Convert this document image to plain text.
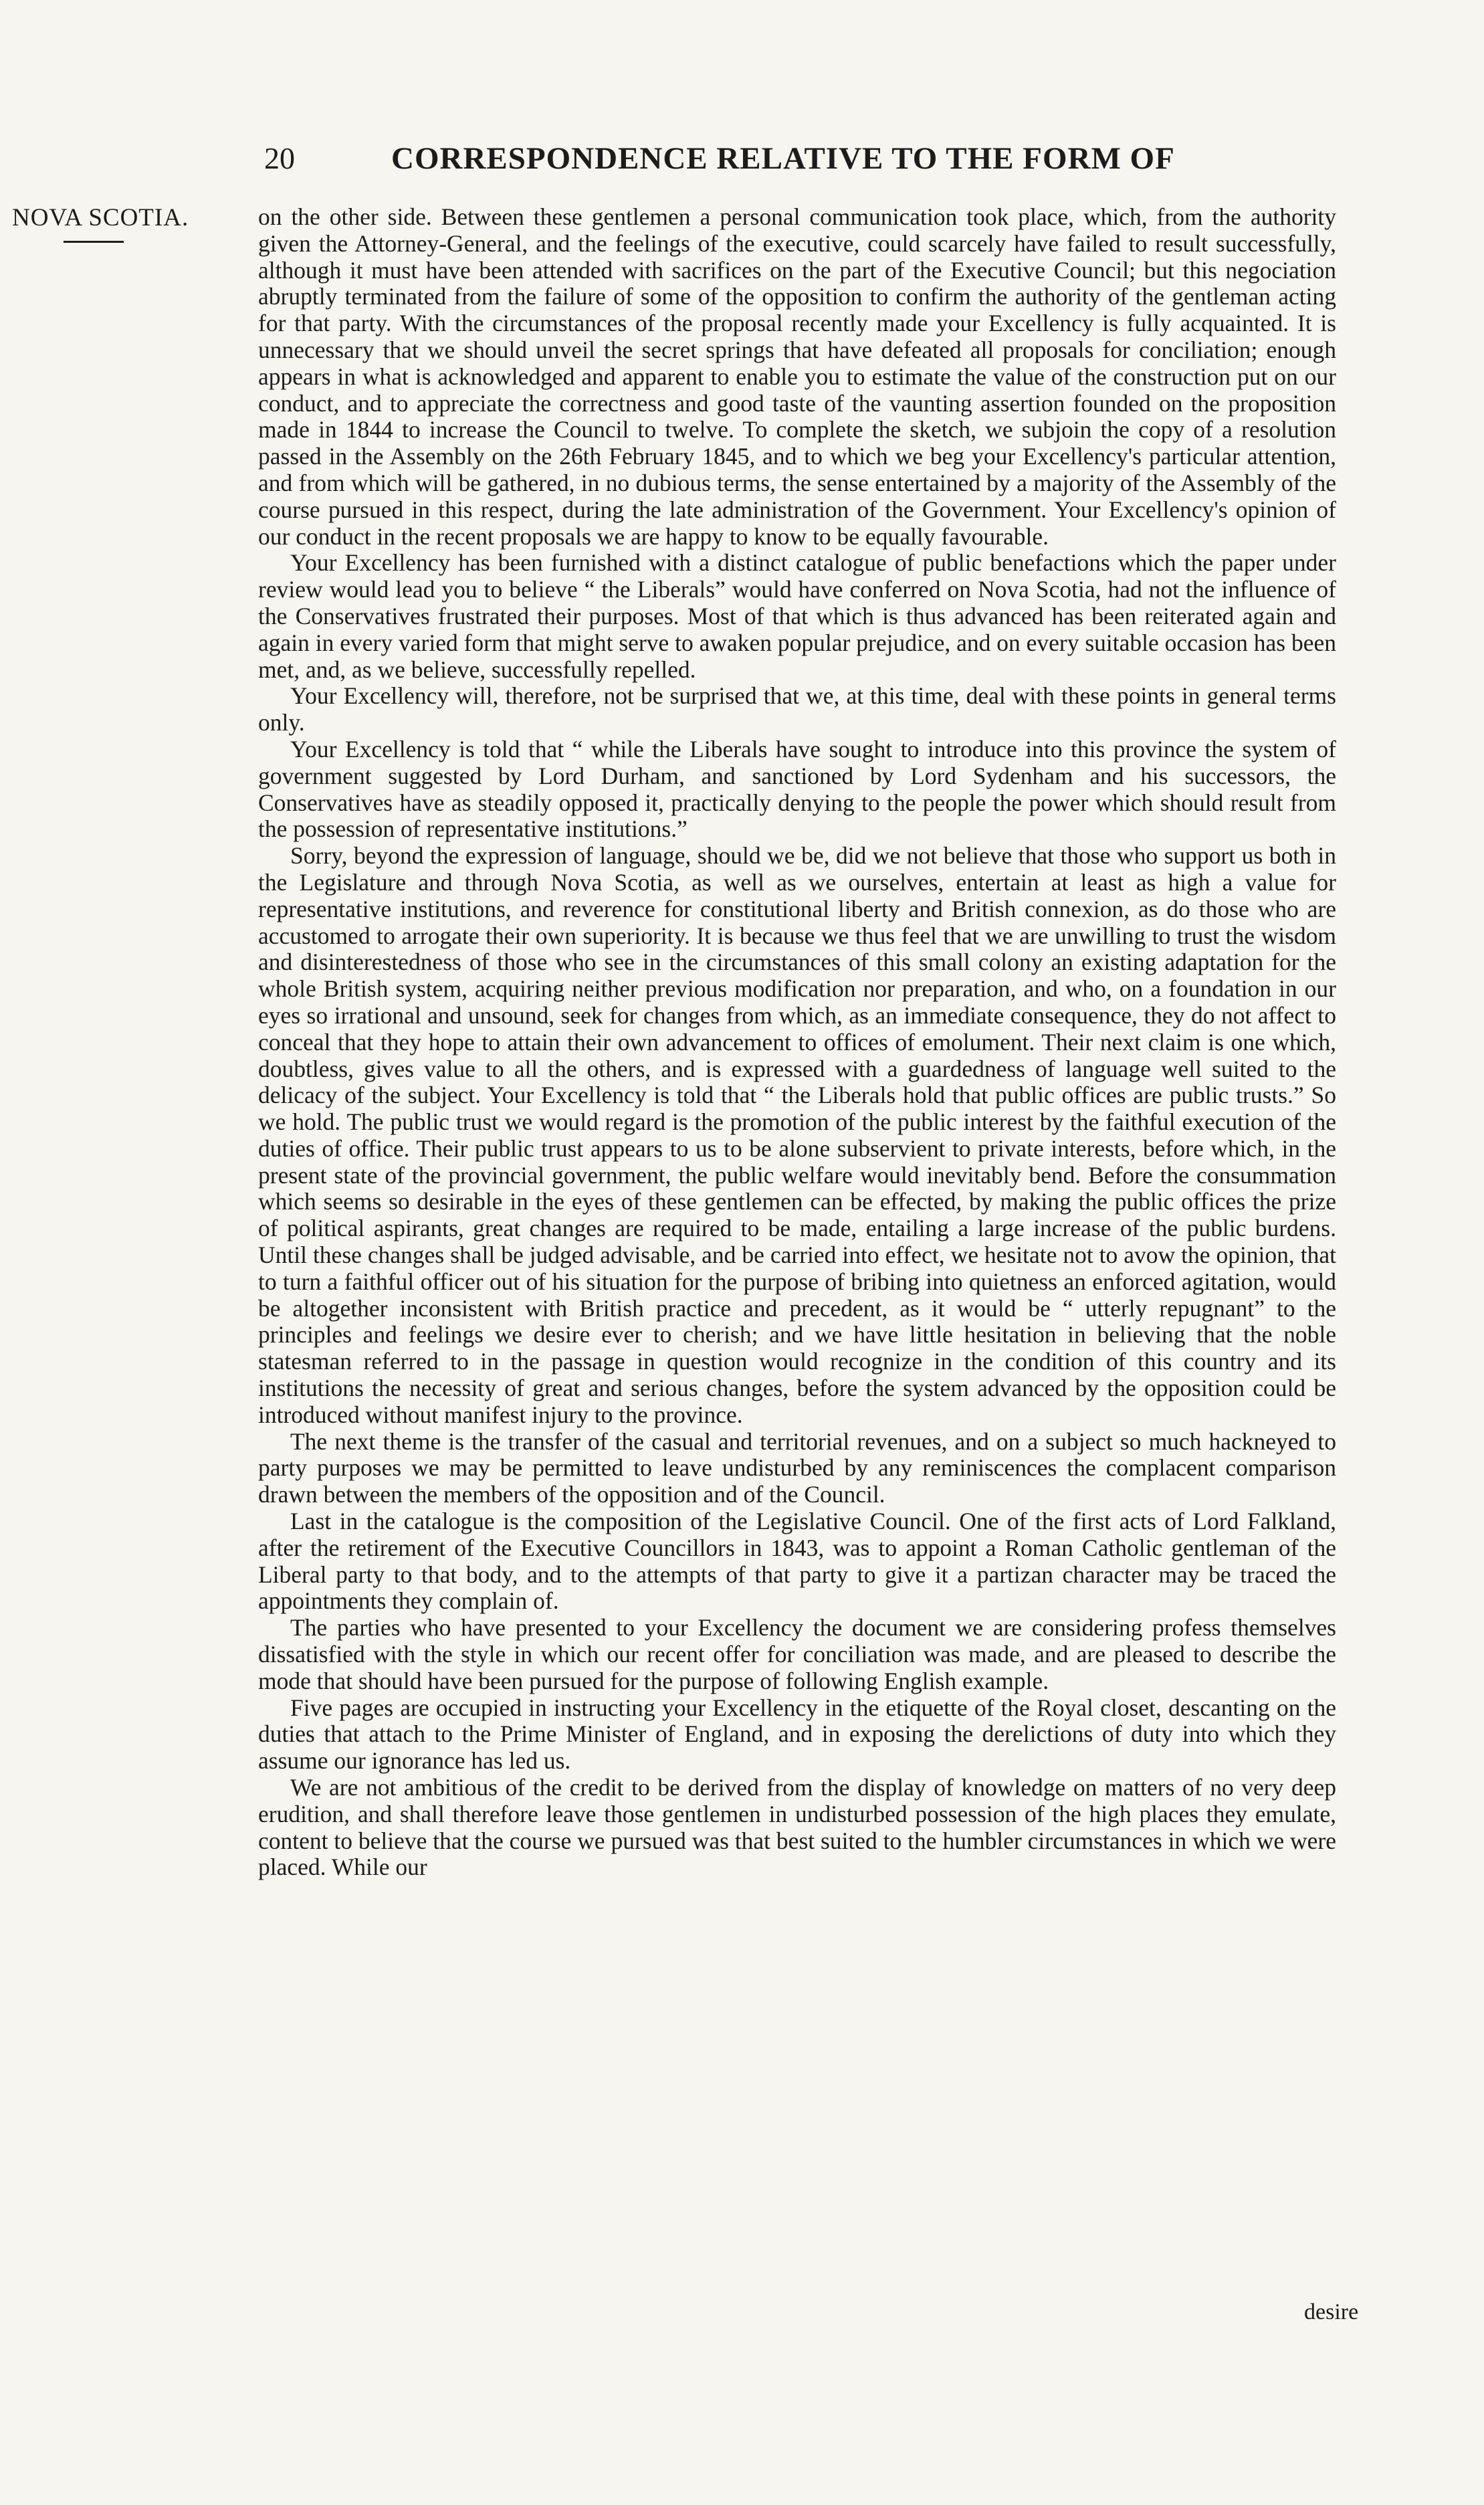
20	CORRESPONDENCE RELATIVE TO THE FORM OF
NOVA SCOTIA.	on the other side. Between these gentlemen a personal communication took place, which, from the authority given the Attorney-General, and the feelings of the executive, could scarcely have failed to result successfully, although it must have been attended with sacrifices on the part of the Executive Council; but this negociation abruptly terminated from the failure of some of the opposition to confirm the authority of the gentleman acting for that party. With the circumstances of the proposal recently made your Excellency is fully acquainted. It is unnecessary that we should unveil the secret springs that have defeated all proposals for conciliation; enough appears in what is acknowledged and apparent to enable you to estimate the value of the construction put on our conduct, and to appreciate the correctness and good taste of the vaunting assertion founded on the proposition made in 1844 to increase the Council to twelve. To complete the sketch, we subjoin the copy of a resolution passed in the Assembly on the 26th February 1845, and to which we beg your Excellency's particular attention, and from which will be gathered, in no dubious terms, the sense entertained by a majority of the Assembly of the course pursued in this respect, during the late administration of the Government. Your Excellency's opinion of our conduct in the recent proposals we are happy to know to be equally favourable.

Your Excellency has been furnished with a distinct catalogue of public benefactions which the paper under review would lead you to believe “ the Liberals” would have conferred on Nova Scotia, had not the influence of the Conservatives frustrated their purposes. Most of that which is thus advanced has been reiterated again and again in every varied form that might serve to awaken popular prejudice, and on every suitable occasion has been met, and, as we believe, successfully repelled.

Your Excellency will, therefore, not be surprised that we, at this time, deal with these points in general terms only.

Your Excellency is told that “ while the Liberals have sought to introduce into this province the system of government suggested by Lord Durham, and sanctioned by Lord Sydenham and his successors, the Conservatives have as steadily opposed it, practically denying to the people the power which should result from the possession of representative institutions.”

Sorry, beyond the expression of language, should we be, did we not believe that those who support us both in the Legislature and through Nova Scotia, as well as we ourselves, entertain at least as high a value for representative institutions, and reverence for constitutional liberty and British connexion, as do those who are accustomed to arrogate their own superiority. It is because we thus feel that we are unwilling to trust the wisdom and disinterestedness of those who see in the circumstances of this small colony an existing adaptation for the whole British system, acquiring neither previous modification nor preparation, and who, on a foundation in our eyes so irrational and unsound, seek for changes from which, as an immediate consequence, they do not affect to conceal that they hope to attain their own advancement to offices of emolument. Their next claim is one which, doubtless, gives value to all the others, and is expressed with a guardedness of language well suited to the delicacy of the subject. Your Excellency is told that “ the Liberals hold that public offices are public trusts.” So we hold. The public trust we would regard is the promotion of the public interest by the faithful execution of the duties of office. Their public trust appears to us to be alone subservient to private interests, before which, in the present state of the provincial government, the public welfare would inevitably bend. Before the consummation which seems so desirable in the eyes of these gentlemen can be effected, by making the public offices the prize of political aspirants, great changes are required to be made, entailing a large increase of the public burdens. Until these changes shall be judged advisable, and be carried into effect, we hesitate not to avow the opinion, that to turn a faithful officer out of his situation for the purpose of bribing into quietness an enforced agitation, would be altogether inconsistent with British practice and precedent, as it would be “ utterly repugnant” to the principles and feelings we desire ever to cherish; and we have little hesitation in believing that the noble statesman referred to in the passage in question would recognize in the condition of this country and its institutions the necessity of great and serious changes, before the system advanced by the opposition could be introduced without manifest injury to the province.

The next theme is the transfer of the casual and territorial revenues, and on a subject so much hackneyed to party purposes we may be permitted to leave undisturbed by any reminiscences the complacent comparison drawn between the members of the opposition and of the Council.

Last in the catalogue is the composition of the Legislative Council. One of the first acts of Lord Falkland, after the retirement of the Executive Councillors in 1843, was to appoint a Roman Catholic gentleman of the Liberal party to that body, and to the attempts of that party to give it a partizan character may be traced the appointments they complain of.

The parties who have presented to your Excellency the document we are considering profess themselves dissatisfied with the style in which our recent offer for conciliation was made, and are pleased to describe the mode that should have been pursued for the purpose of following English example.

Five pages are occupied in instructing your Excellency in the etiquette of the Royal closet, descanting on the duties that attach to the Prime Minister of England, and in exposing the derelictions of duty into which they assume our ignorance has led us.

We are not ambitious of the credit to be derived from the display of knowledge on matters of no very deep erudition, and shall therefore leave those gentlemen in undisturbed possession of the high places they emulate, content to believe that the course we pursued was that best suited to the humbler circumstances in which we were placed. While our

desire
